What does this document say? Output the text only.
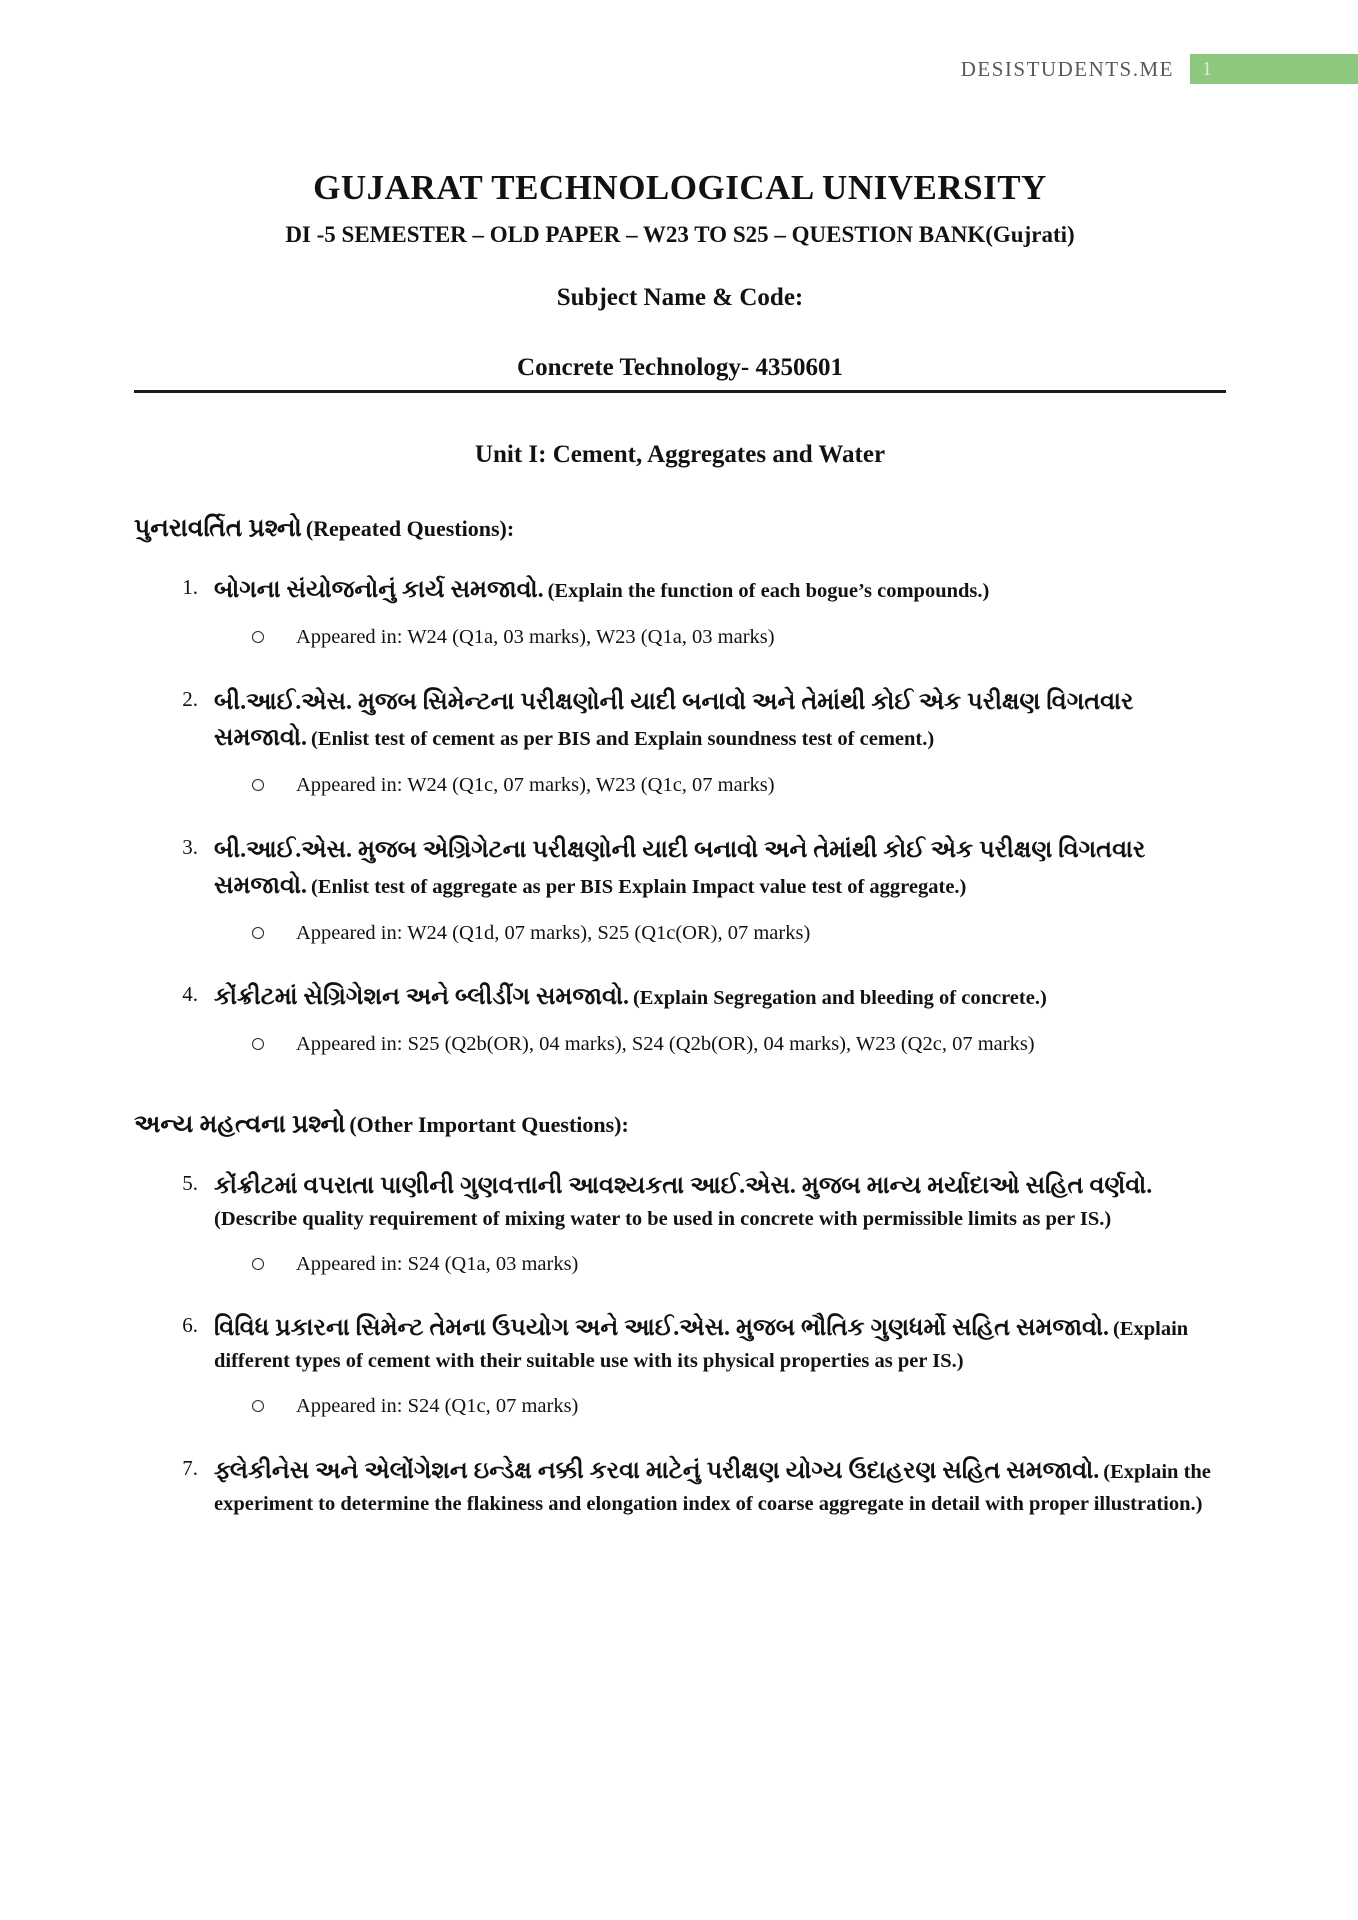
DESISTUDENTS.ME 1
GUJARAT TECHNOLOGICAL UNIVERSITY
DI -5 SEMESTER – OLD PAPER – W23 TO S25 – QUESTION BANK(Gujrati)
Subject Name & Code:
Concrete Technology- 4350601
Unit I: Cement, Aggregates and Water
પુનરાવર્તિત પ્રશ્નો (Repeated Questions):
1. બોગના સંયોજનોનું કાર્ય સમજાવો. (Explain the function of each bogue’s compounds.)

Appeared in: W24 (Q1a, 03 marks), W23 (Q1a, 03 marks)
2. બી.આઈ.એસ. મુજબ સિમેન્ટના પરીક્ષણોની યાદી બનાવો અને તેમાંથી કોઈ એક પરીક્ષણ વિગતવાર સમજાવો. (Enlist test of cement as per BIS and Explain soundness test of cement.)

Appeared in: W24 (Q1c, 07 marks), W23 (Q1c, 07 marks)
3. બી.આઈ.એસ. મુજબ એગ્રિગેટના પરીક્ષણોની યાદી બનાવો અને તેમાંથી કોઈ એક પરીક્ષણ વિગતવાર સમજાવો. (Enlist test of aggregate as per BIS Explain Impact value test of aggregate.)

Appeared in: W24 (Q1d, 07 marks), S25 (Q1c(OR), 07 marks)
4. કોંક્રીટમાં સેગ્રિગેશન અને બ્લીડીંગ સમજાવો. (Explain Segregation and bleeding of concrete.)

Appeared in: S25 (Q2b(OR), 04 marks), S24 (Q2b(OR), 04 marks), W23 (Q2c, 07 marks)
અન્ય મહત્વના પ્રશ્નો (Other Important Questions):
5. કોંક્રીટમાં વપરાતા પાણીની ગુણવત્તાની આવશ્યકતા આઈ.એસ. મુજબ માન્ય મર્યાદાઓ સહિત વર્ણવો. (Describe quality requirement of mixing water to be used in concrete with permissible limits as per IS.)

Appeared in: S24 (Q1a, 03 marks)
6. વિવિધ પ્રકારના સિમેન્ટ તેમના ઉપયોગ અને આઈ.એસ. મુજબ ભૌતિક ગુણધર્મો સહિત સમજાવો. (Explain different types of cement with their suitable use with its physical properties as per IS.)

Appeared in: S24 (Q1c, 07 marks)
7. ફ્લેકીનેસ અને એલોંગેશન ઇન્ડેક્ષ નક્કી કરવા માટેનું પરીક્ષણ યોગ્ય ઉદાહરણ સહિત સમજાવો. (Explain the experiment to determine the flakiness and elongation index of coarse aggregate in detail with proper illustration.)
